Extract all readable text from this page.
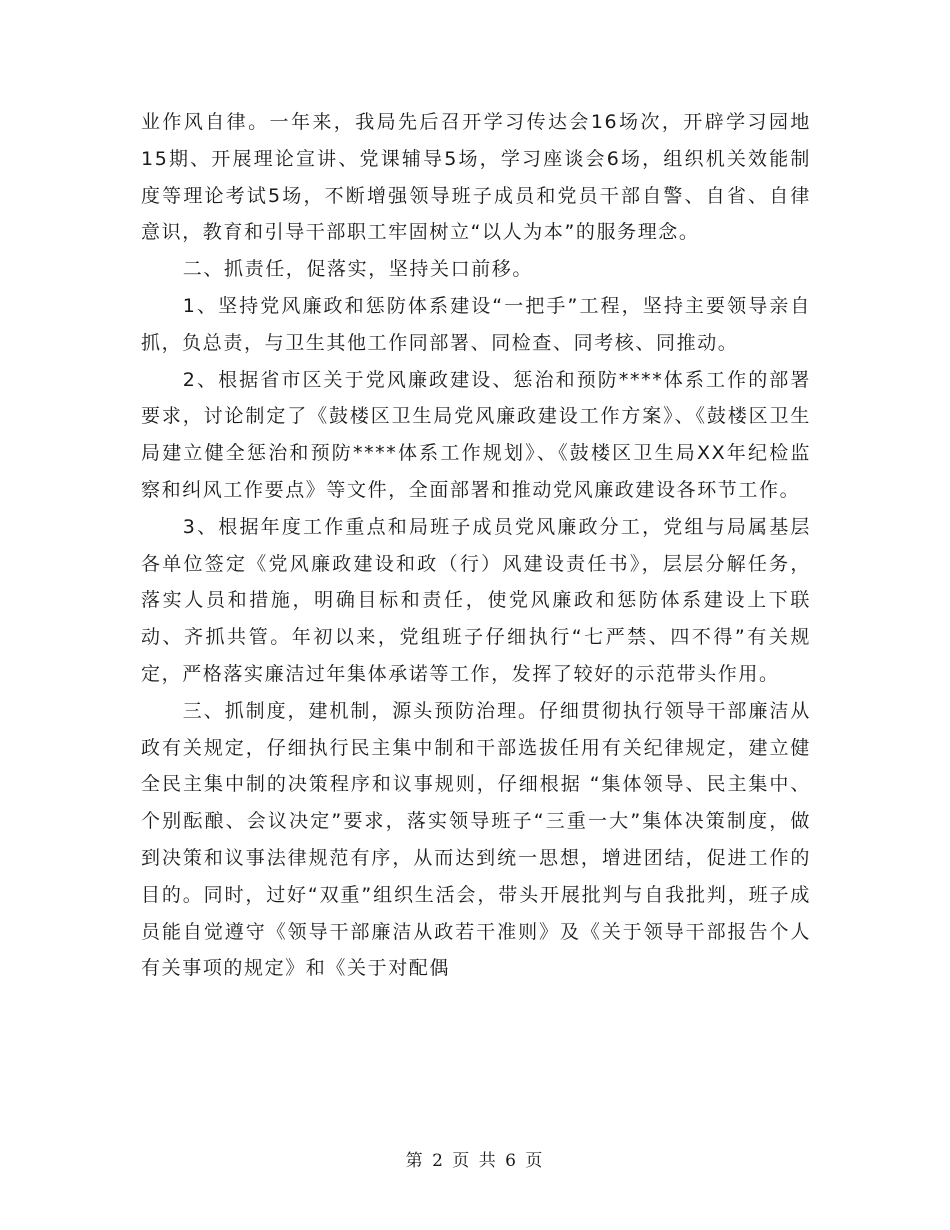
业作风自律。一年来，我局先后召开学习传达会16场次，开辟学习园地15期、开展理论宣讲、党课辅导5场，学习座谈会6场，组织机关效能制度等理论考试5场，不断增强领导班子成员和党员干部自警、自省、自律意识，教育和引导干部职工牢固树立“以人为本”的服务理念。

二、抓责任，促落实，坚持关口前移。

1、坚持党风廉政和惩防体系建设“一把手”工程，坚持主要领导亲自抓，负总责，与卫生其他工作同部署、同检查、同考核、同推动。

2、根据省市区关于党风廉政建设、惩治和预防****体系工作的部署要求，讨论制定了《鼓楼区卫生局党风廉政建设工作方案》、《鼓楼区卫生局建立健全惩治和预防****体系工作规划》、《鼓楼区卫生局XX年纪检监察和纠风工作要点》等文件，全面部署和推动党风廉政建设各环节工作。

3、根据年度工作重点和局班子成员党风廉政分工，党组与局属基层各单位签定《党风廉政建设和政（行）风建设责任书》，层层分解任务，落实人员和措施，明确目标和责任，使党风廉政和惩防体系建设上下联动、齐抓共管。年初以来，党组班子仔细执行“七严禁、四不得”有关规定，严格落实廉洁过年集体承诺等工作，发挥了较好的示范带头作用。

三、抓制度，建机制，源头预防治理。仔细贯彻执行领导干部廉洁从政有关规定，仔细执行民主集中制和干部选拔任用有关纪律规定，建立健全民主集中制的决策程序和议事规则，仔细根据 “集体领导、民主集中、个别酝酿、会议决定”要求，落实领导班子“三重一大”集体决策制度，做到决策和议事法律规范有序，从而达到统一思想，增进团结，促进工作的目的。同时，过好“双重”组织生活会，带头开展批判与自我批判，班子成员能自觉遵守《领导干部廉洁从政若干准则》及《关于领导干部报告个人有关事项的规定》和《关于对配偶

第 2 页 共 6 页
